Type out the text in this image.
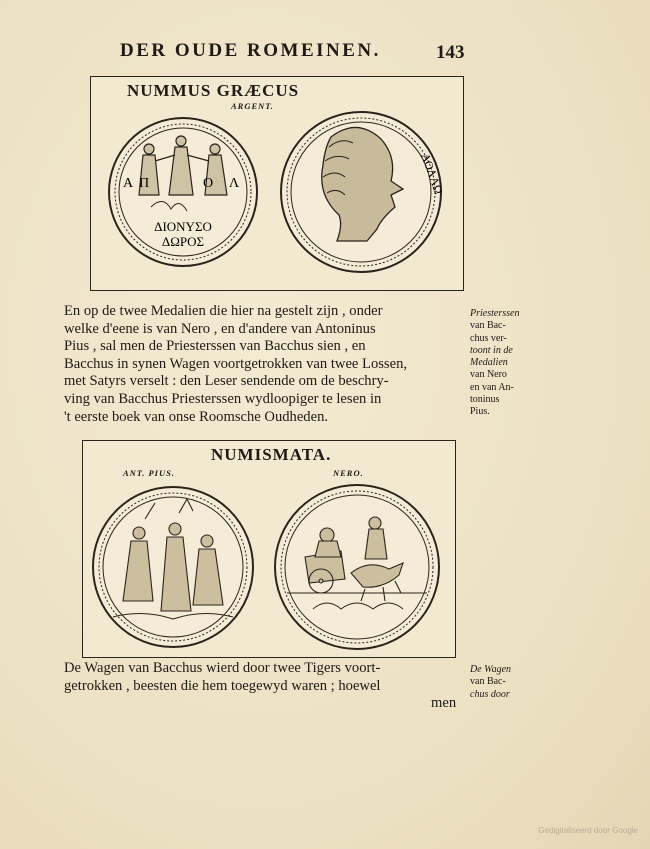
DER OUDE ROMEINEN.	143
NUMMUS GRÆCUS
ARGENT.
Α Π	Ο Λ
ΔΙΟΝΥΣΟ
ΔΩΡΟΣ
ΑΟΛΛΩ
En op de twee Medalien die hier na gestelt zijn , onder
welke d'eene is van Nero , en d'andere van Antoninus
Pius , sal men de Priesterssen van Bacchus sien , en
Bacchus in synen Wagen voortgetrokken van twee Lossen,
met Satyrs verselt : den Leser sendende om de beschry-
ving van Bacchus Priesterssen wydloopiger te lesen in
't eerste boek van onse Roomsche Oudheden.
Priesterssen
van Bac-
chus ver-
toont in de
Medalien
van Nero
en van An-
toninus
Pius.
NUMISMATA.
ANT. PIUS.	NERO.
De Wagen van Bacchus wierd door twee Tigers voort-
getrokken , beesten die hem toegewyd waren ; hoewel
men
De Wagen
van Bac-
chus door
Gedigitaliseerd door Google
